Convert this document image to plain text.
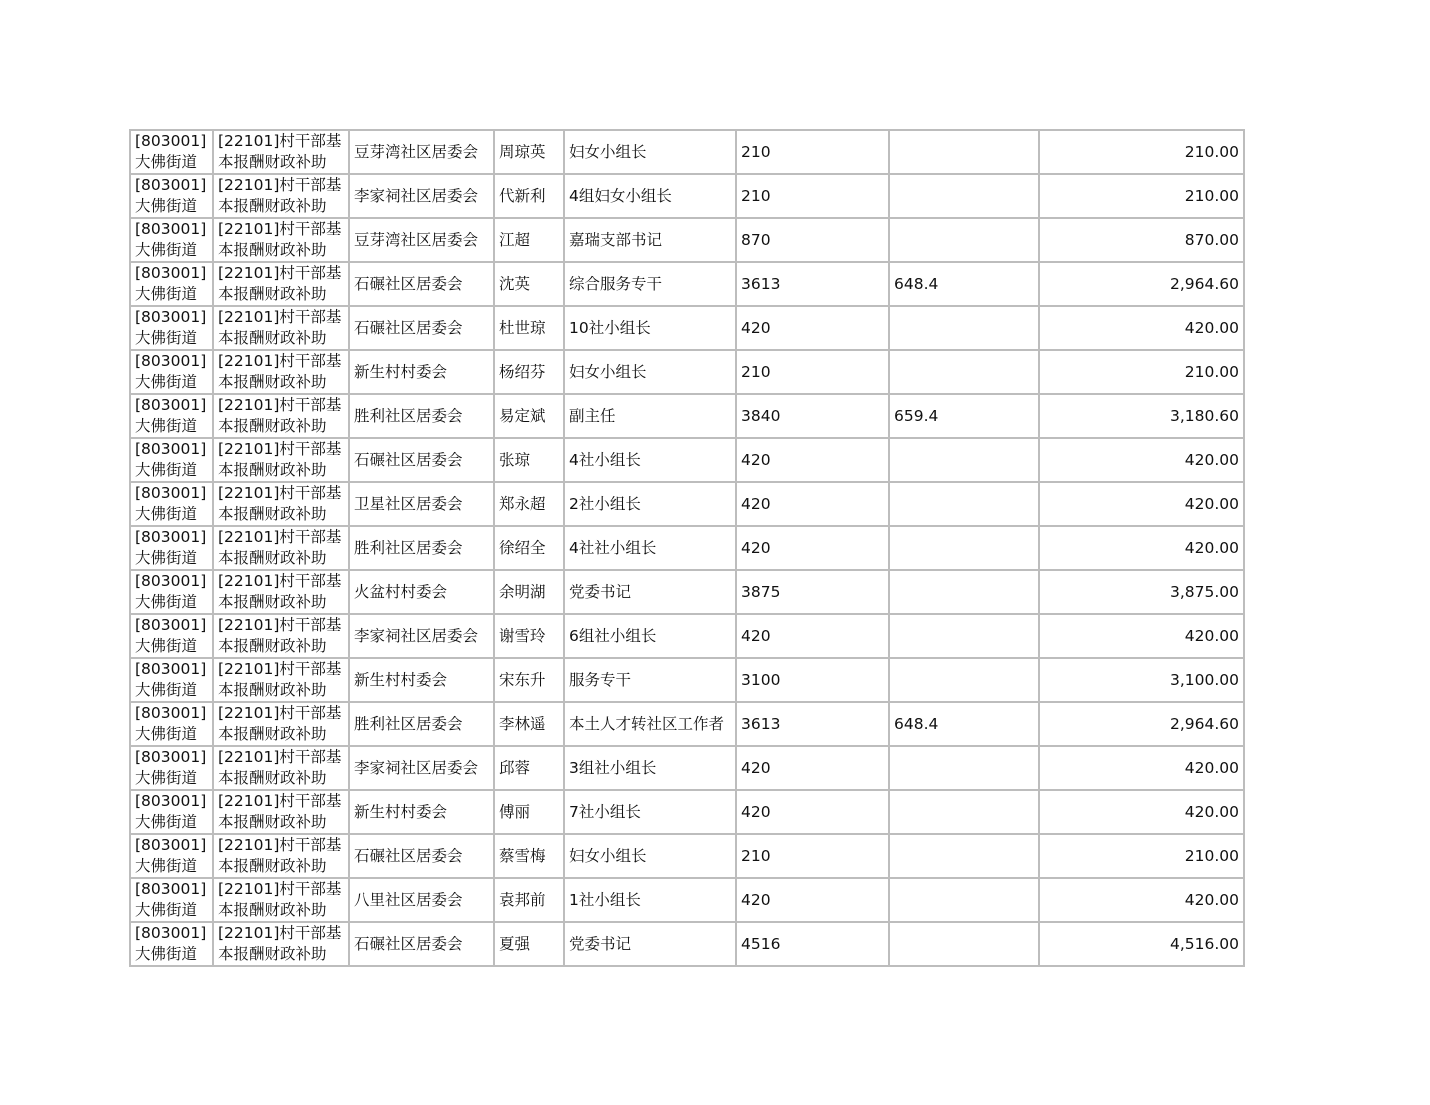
[803001]大佛街道	[22101]村干部基本报酬财政补助	豆芽湾社区居委会	周琼英	妇女小组长	210		210.00
[803001]大佛街道	[22101]村干部基本报酬财政补助	李家祠社区居委会	代新利	4组妇女小组长	210		210.00
[803001]大佛街道	[22101]村干部基本报酬财政补助	豆芽湾社区居委会	江超	嘉瑞支部书记	870		870.00
[803001]大佛街道	[22101]村干部基本报酬财政补助	石碾社区居委会	沈英	综合服务专干	3613	648.4	2,964.60
[803001]大佛街道	[22101]村干部基本报酬财政补助	石碾社区居委会	杜世琼	10社小组长	420		420.00
[803001]大佛街道	[22101]村干部基本报酬财政补助	新生村村委会	杨绍芬	妇女小组长	210		210.00
[803001]大佛街道	[22101]村干部基本报酬财政补助	胜利社区居委会	易定斌	副主任	3840	659.4	3,180.60
[803001]大佛街道	[22101]村干部基本报酬财政补助	石碾社区居委会	张琼	4社小组长	420		420.00
[803001]大佛街道	[22101]村干部基本报酬财政补助	卫星社区居委会	郑永超	2社小组长	420		420.00
[803001]大佛街道	[22101]村干部基本报酬财政补助	胜利社区居委会	徐绍全	4社社小组长	420		420.00
[803001]大佛街道	[22101]村干部基本报酬财政补助	火盆村村委会	余明湖	党委书记	3875		3,875.00
[803001]大佛街道	[22101]村干部基本报酬财政补助	李家祠社区居委会	谢雪玲	6组社小组长	420		420.00
[803001]大佛街道	[22101]村干部基本报酬财政补助	新生村村委会	宋东升	服务专干	3100		3,100.00
[803001]大佛街道	[22101]村干部基本报酬财政补助	胜利社区居委会	李林遥	本土人才转社区工作者	3613	648.4	2,964.60
[803001]大佛街道	[22101]村干部基本报酬财政补助	李家祠社区居委会	邱蓉	3组社小组长	420		420.00
[803001]大佛街道	[22101]村干部基本报酬财政补助	新生村村委会	傅丽	7社小组长	420		420.00
[803001]大佛街道	[22101]村干部基本报酬财政补助	石碾社区居委会	蔡雪梅	妇女小组长	210		210.00
[803001]大佛街道	[22101]村干部基本报酬财政补助	八里社区居委会	袁邦前	1社小组长	420		420.00
[803001]大佛街道	[22101]村干部基本报酬财政补助	石碾社区居委会	夏强	党委书记	4516		4,516.00
